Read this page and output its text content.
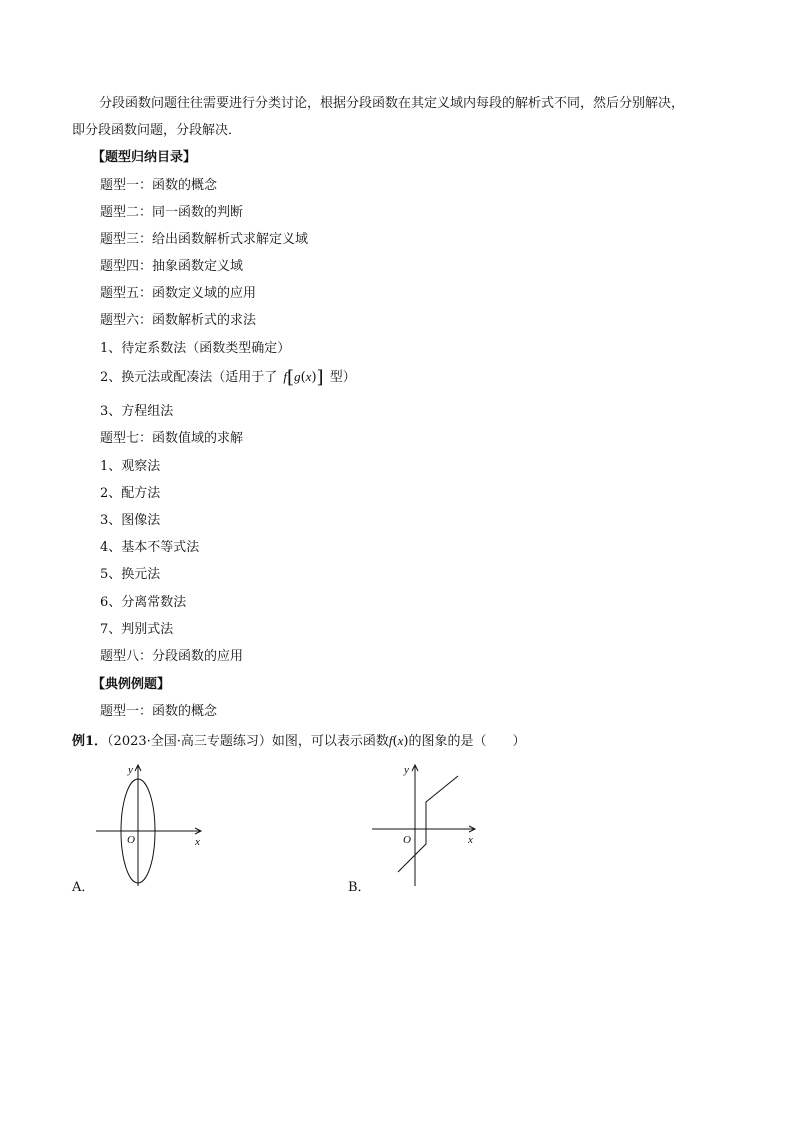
分段函数问题往往需要进行分类讨论，根据分段函数在其定义域内每段的解析式不同，然后分别解决，
即分段函数问题，分段解决．
【题型归纳目录】
题型一：函数的概念
题型二：同一函数的判断
题型三：给出函数解析式求解定义域
题型四：抽象函数定义域
题型五：函数定义域的应用
题型六：函数解析式的求法
1、待定系数法（函数类型确定）
2、换元法或配凑法（适用于了 f[g(x)] 型）
3、方程组法
题型七：函数值域的求解
1、观察法
2、配方法
3、图像法
4、基本不等式法
5、换元法
6、分离常数法
7、判别式法
题型八：分段函数的应用
【典例例题】
题型一：函数的概念
例1．（2023·全国·高三专题练习）如图，可以表示函数f(x)的图象的是（　　）
y
x
O
A．
y
x
O
B．
